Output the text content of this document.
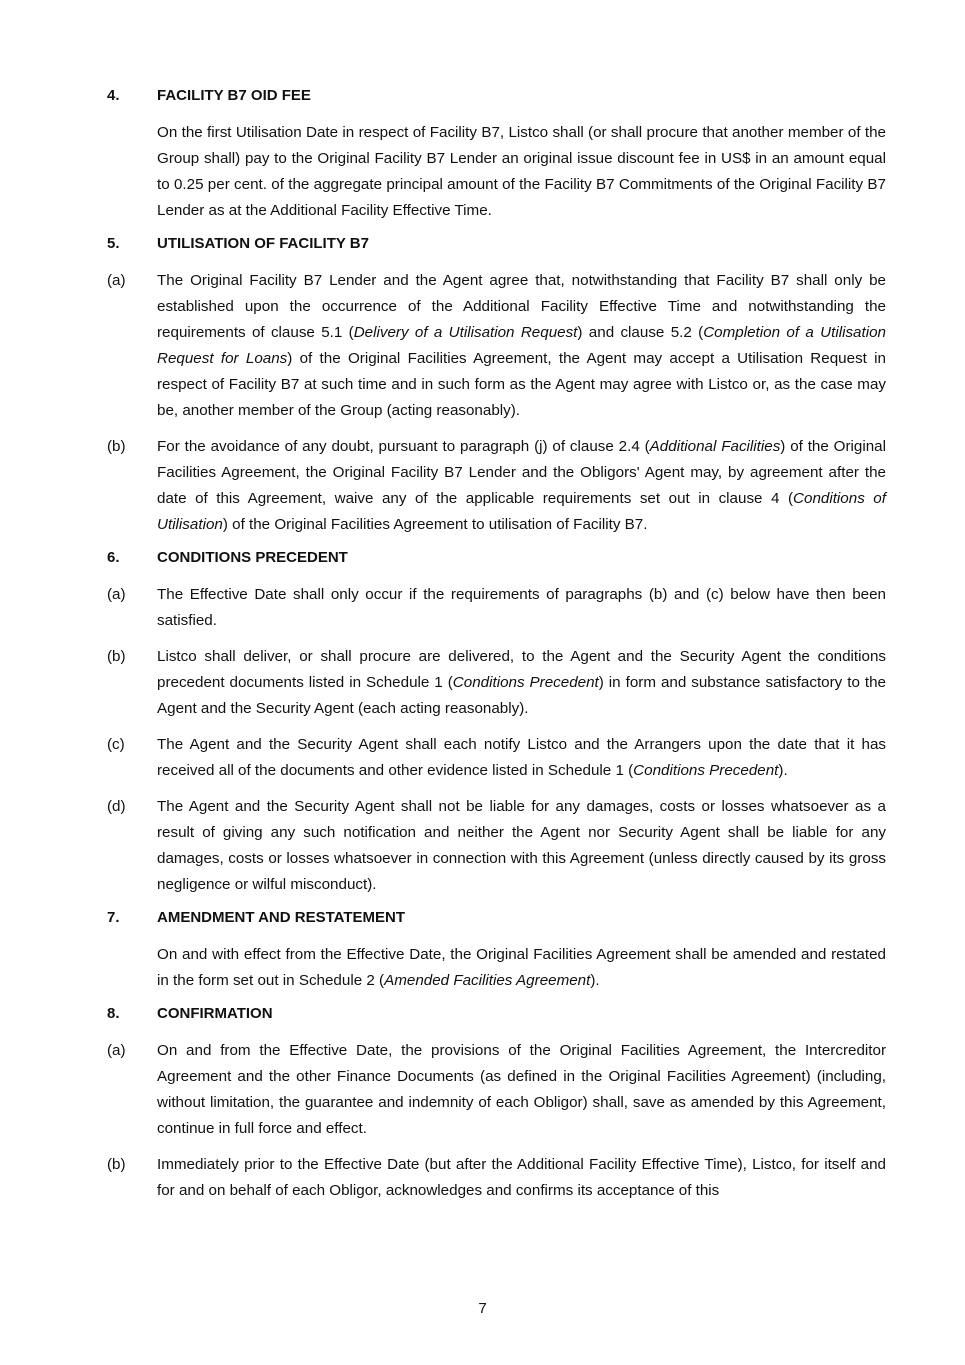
4.	FACILITY B7 OID FEE
On the first Utilisation Date in respect of Facility B7, Listco shall (or shall procure that another member of the Group shall) pay to the Original Facility B7 Lender an original issue discount fee in US$ in an amount equal to 0.25 per cent. of the aggregate principal amount of the Facility B7 Commitments of the Original Facility B7 Lender as at the Additional Facility Effective Time.
5.	UTILISATION OF FACILITY B7
(a)	The Original Facility B7 Lender and the Agent agree that, notwithstanding that Facility B7 shall only be established upon the occurrence of the Additional Facility Effective Time and notwithstanding the requirements of clause 5.1 (Delivery of a Utilisation Request) and clause 5.2 (Completion of a Utilisation Request for Loans) of the Original Facilities Agreement, the Agent may accept a Utilisation Request in respect of Facility B7 at such time and in such form as the Agent may agree with Listco or, as the case may be, another member of the Group (acting reasonably).
(b)	For the avoidance of any doubt, pursuant to paragraph (j) of clause 2.4 (Additional Facilities) of the Original Facilities Agreement, the Original Facility B7 Lender and the Obligors' Agent may, by agreement after the date of this Agreement, waive any of the applicable requirements set out in clause 4 (Conditions of Utilisation) of the Original Facilities Agreement to utilisation of Facility B7.
6.	CONDITIONS PRECEDENT
(a)	The Effective Date shall only occur if the requirements of paragraphs (b) and (c) below have then been satisfied.
(b)	Listco shall deliver, or shall procure are delivered, to the Agent and the Security Agent the conditions precedent documents listed in Schedule 1 (Conditions Precedent) in form and substance satisfactory to the Agent and the Security Agent (each acting reasonably).
(c)	The Agent and the Security Agent shall each notify Listco and the Arrangers upon the date that it has received all of the documents and other evidence listed in Schedule 1 (Conditions Precedent).
(d)	The Agent and the Security Agent shall not be liable for any damages, costs or losses whatsoever as a result of giving any such notification and neither the Agent nor Security Agent shall be liable for any damages, costs or losses whatsoever in connection with this Agreement (unless directly caused by its gross negligence or wilful misconduct).
7.	AMENDMENT AND RESTATEMENT
On and with effect from the Effective Date, the Original Facilities Agreement shall be amended and restated in the form set out in Schedule 2 (Amended Facilities Agreement).
8.	CONFIRMATION
(a)	On and from the Effective Date, the provisions of the Original Facilities Agreement, the Intercreditor Agreement and the other Finance Documents (as defined in the Original Facilities Agreement) (including, without limitation, the guarantee and indemnity of each Obligor) shall, save as amended by this Agreement, continue in full force and effect.
(b)	Immediately prior to the Effective Date (but after the Additional Facility Effective Time), Listco, for itself and for and on behalf of each Obligor, acknowledges and confirms its acceptance of this
7
